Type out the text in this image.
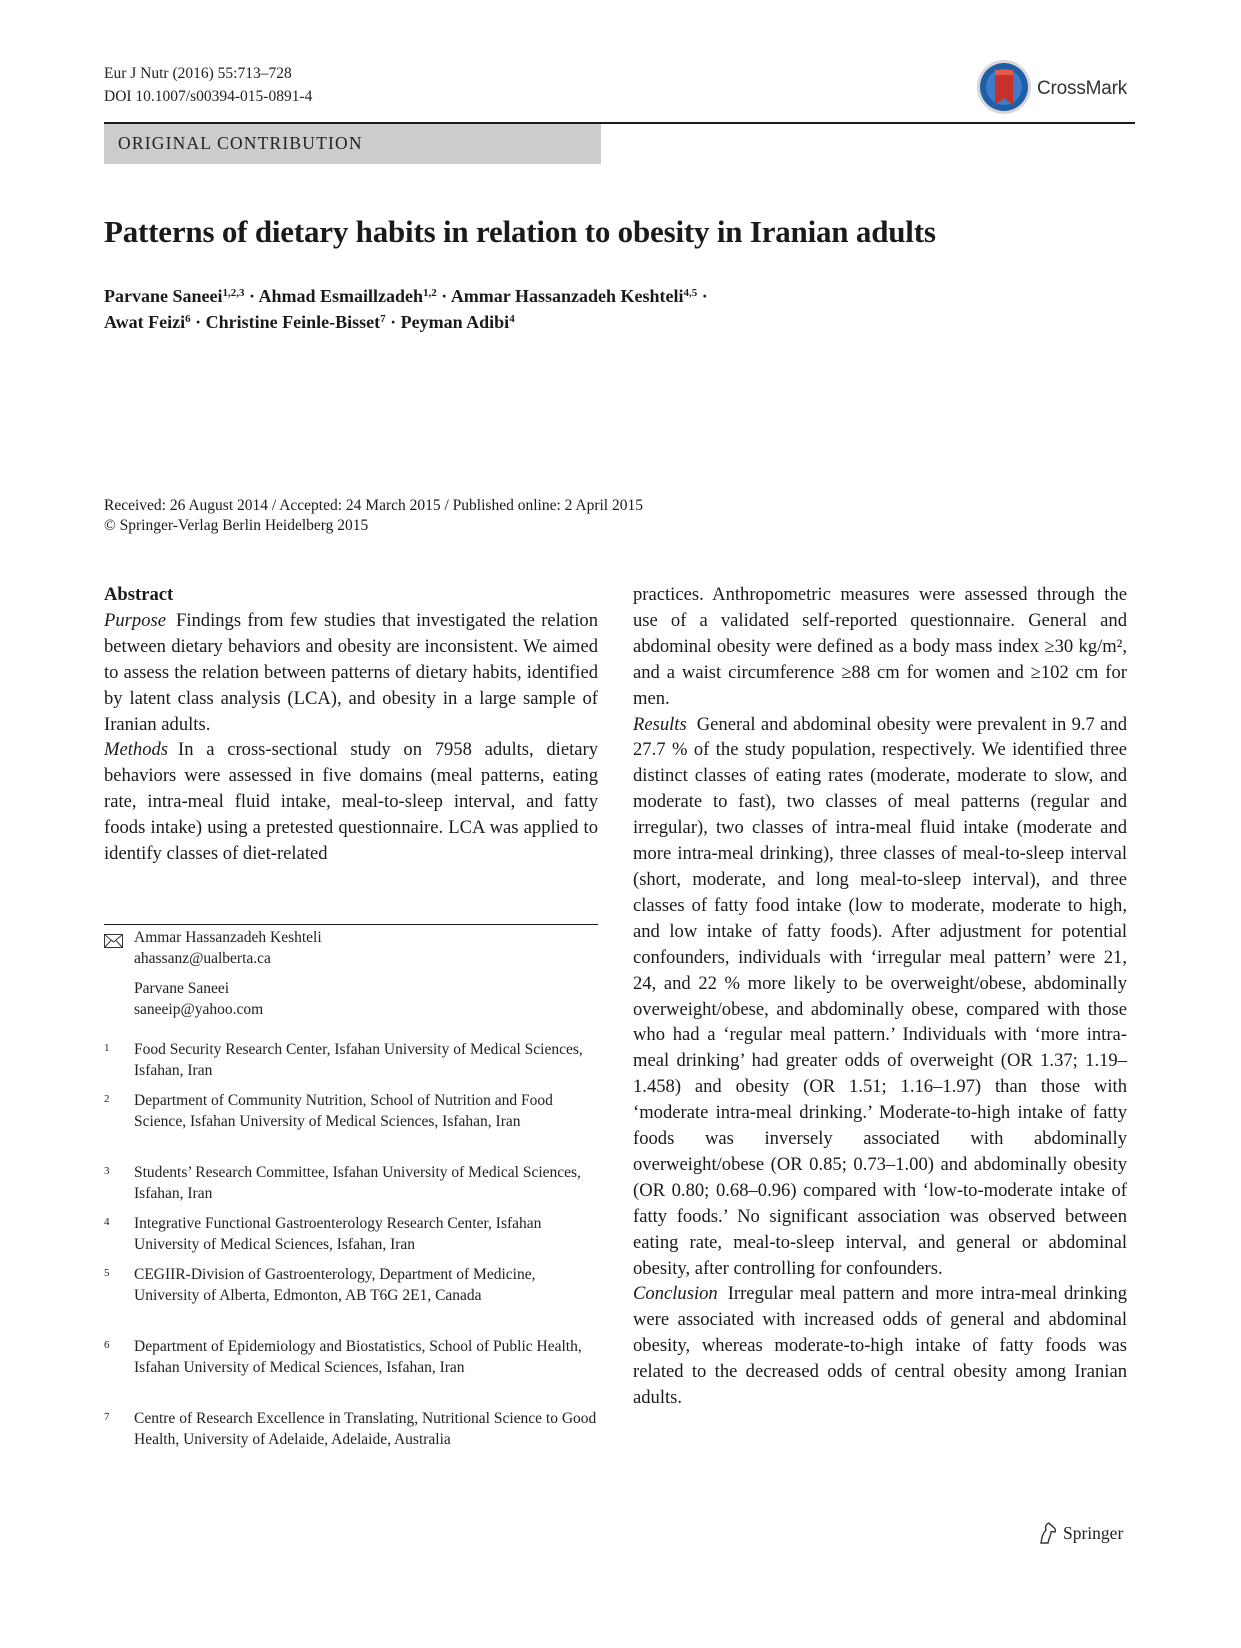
Eur J Nutr (2016) 55:713–728
DOI 10.1007/s00394-015-0891-4	CrossMark
ORIGINAL CONTRIBUTION
Patterns of dietary habits in relation to obesity in Iranian adults
Parvane Saneei$^{1,2,3}$ · Ahmad Esmaillzadeh$^{1,2}$ · Ammar Hassanzadeh Keshteli$^{4,5}$ ·
Awat Feizi$^6$ · Christine Feinle-Bisset$^7$ · Peyman Adibi$^4$
Received: 26 August 2014 / Accepted: 24 March 2015 / Published online: 2 April 2015
© Springer-Verlag Berlin Heidelberg 2015
Abstract

Purpose Findings from few studies that investigated the relation between dietary behaviors and obesity are inconsistent. We aimed to assess the relation between patterns of dietary habits, identified by latent class analysis (LCA), and obesity in a large sample of Iranian adults.

Methods In a cross-sectional study on 7958 adults, dietary behaviors were assessed in five domains (meal patterns, eating rate, intra-meal fluid intake, meal-to-sleep interval, and fatty foods intake) using a pretested questionnaire. LCA was applied to identify classes of diet-related

Ammar Hassanzadeh Keshteli
ahassanz@ualberta.ca
Parvane Saneei
saneeip@yahoo.com
1 Food Security Research Center, Isfahan University of Medical Sciences, Isfahan, Iran
2 Department of Community Nutrition, School of Nutrition and Food Science, Isfahan University of Medical Sciences, Isfahan, Iran
3 Students’ Research Committee, Isfahan University of Medical Sciences, Isfahan, Iran
4 Integrative Functional Gastroenterology Research Center, Isfahan University of Medical Sciences, Isfahan, Iran
5 CEGIIR-Division of Gastroenterology, Department of Medicine, University of Alberta, Edmonton, AB T6G 2E1, Canada
6 Department of Epidemiology and Biostatistics, School of Public Health, Isfahan University of Medical Sciences, Isfahan, Iran
7 Centre of Research Excellence in Translating, Nutritional Science to Good Health, University of Adelaide, Adelaide, Australia

practices. Anthropometric measures were assessed through the use of a validated self-reported questionnaire. General and abdominal obesity were defined as a body mass index ≥30 kg/m², and a waist circumference ≥88 cm for women and ≥102 cm for men.

Results General and abdominal obesity were prevalent in 9.7 and 27.7 % of the study population, respectively. We identified three distinct classes of eating rates (moderate, moderate to slow, and moderate to fast), two classes of meal patterns (regular and irregular), two classes of intra-meal fluid intake (moderate and more intra-meal drinking), three classes of meal-to-sleep interval (short, moderate, and long meal-to-sleep interval), and three classes of fatty food intake (low to moderate, moderate to high, and low intake of fatty foods). After adjustment for potential confounders, individuals with ‘irregular meal pattern’ were 21, 24, and 22 % more likely to be overweight/obese, abdominally overweight/obese, and abdominally obese, compared with those who had a ‘regular meal pattern.’ Individuals with ‘more intra-meal drinking’ had greater odds of overweight (OR 1.37; 1.19–1.458) and obesity (OR 1.51; 1.16–1.97) than those with ‘moderate intra-meal drinking.’ Moderate-to-high intake of fatty foods was inversely associated with abdominally overweight/obese (OR 0.85; 0.73–1.00) and abdominally obesity (OR 0.80; 0.68–0.96) compared with ‘low-to-moderate intake of fatty foods.’ No significant association was observed between eating rate, meal-to-sleep interval, and general or abdominal obesity, after controlling for confounders.

Conclusion Irregular meal pattern and more intra-meal drinking were associated with increased odds of general and abdominal obesity, whereas moderate-to-high intake of fatty foods was related to the decreased odds of central obesity among Iranian adults.

Springer
